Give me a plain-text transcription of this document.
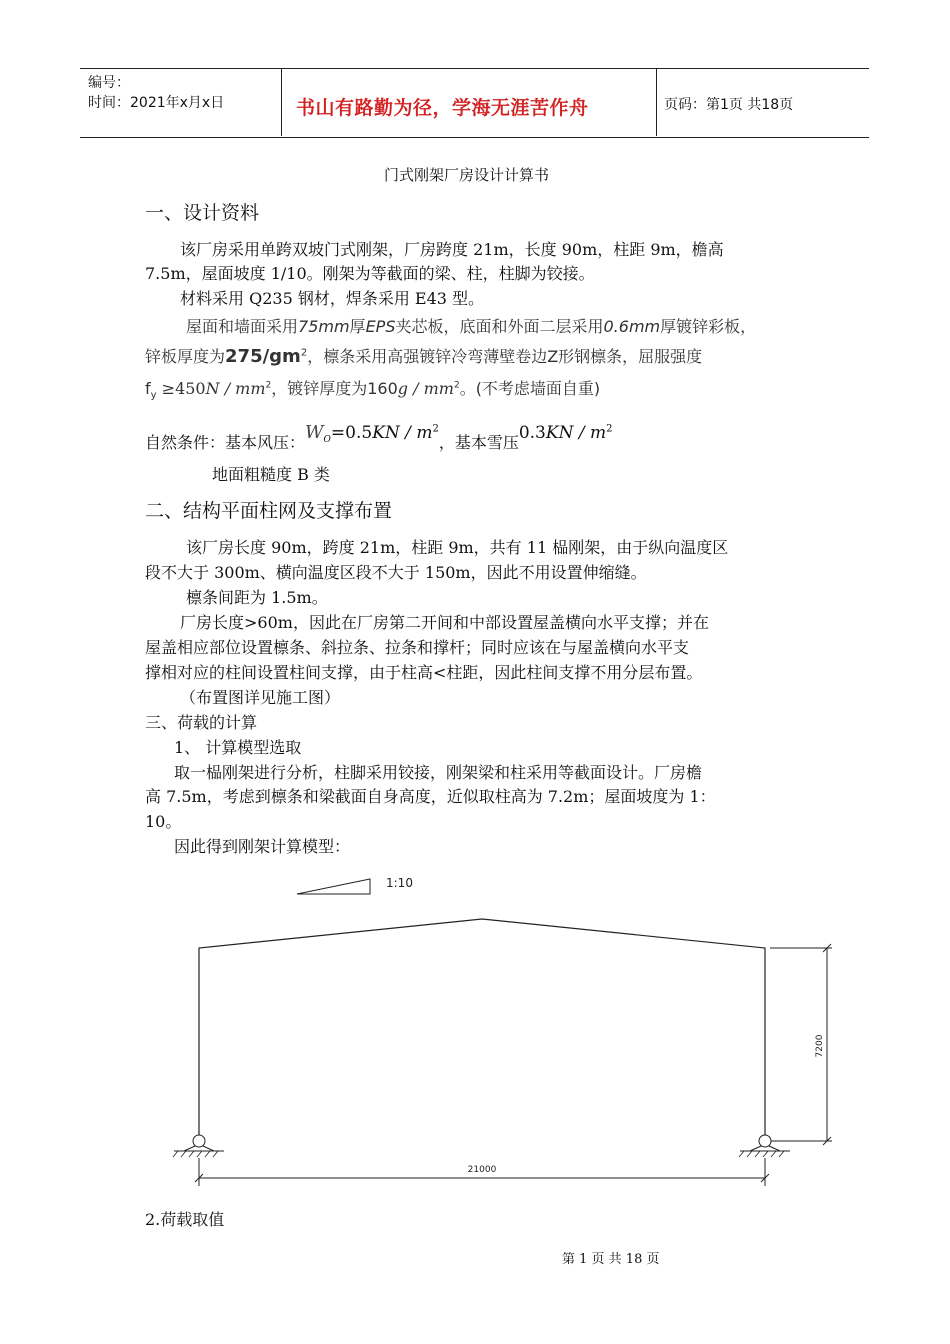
编号：
时间：2021年x月x日	书山有路勤为径，学海无涯苦作舟	页码：第1页 共18页
门式刚架厂房设计计算书
一、设计资料
该厂房采用单跨双坡门式刚架，厂房跨度 21m，长度 90m，柱距 9m，檐高
7.5m，屋面坡度 1/10。刚架为等截面的梁、柱，柱脚为铰接。
材料采用 Q235 钢材，焊条采用 E43 型。
屋面和墙面采用75mm厚EPS夹芯板，底面和外面二层采用0.6mm厚镀锌彩板，
锌板厚度为$275/gm^2$，檩条采用高强镀锌冷弯薄壁卷边Z形钢檩条，屈服强度
$f_y \ge 450N / mm^2$，镀锌厚度为$160g / mm^2$。(不考虑墙面自重)
自然条件：基本风压：$W_O=0.5KN / m^2$，基本雪压$0.3KN / m^2$
地面粗糙度 B 类
二、结构平面柱网及支撑布置
该厂房长度 90m，跨度 21m，柱距 9m，共有 11 榀刚架，由于纵向温度区
段不大于 300m、横向温度区段不大于 150m，因此不用设置伸缩缝。
檩条间距为 1.5m。
厂房长度>60m，因此在厂房第二开间和中部设置屋盖横向水平支撑；并在
屋盖相应部位设置檩条、斜拉条、拉条和撑杆；同时应该在与屋盖横向水平支
撑相对应的柱间设置柱间支撑，由于柱高<柱距，因此柱间支撑不用分层布置。
（布置图详见施工图）
三、荷载的计算
1、 计算模型选取
取一榀刚架进行分析，柱脚采用铰接，刚架梁和柱采用等截面设计。厂房檐
高 7.5m，考虑到檩条和梁截面自身高度，近似取柱高为 7.2m；屋面坡度为 1：
10。
因此得到刚架计算模型：
1:10
7200
21000
2.荷载取值
第 1 页 共 18 页
